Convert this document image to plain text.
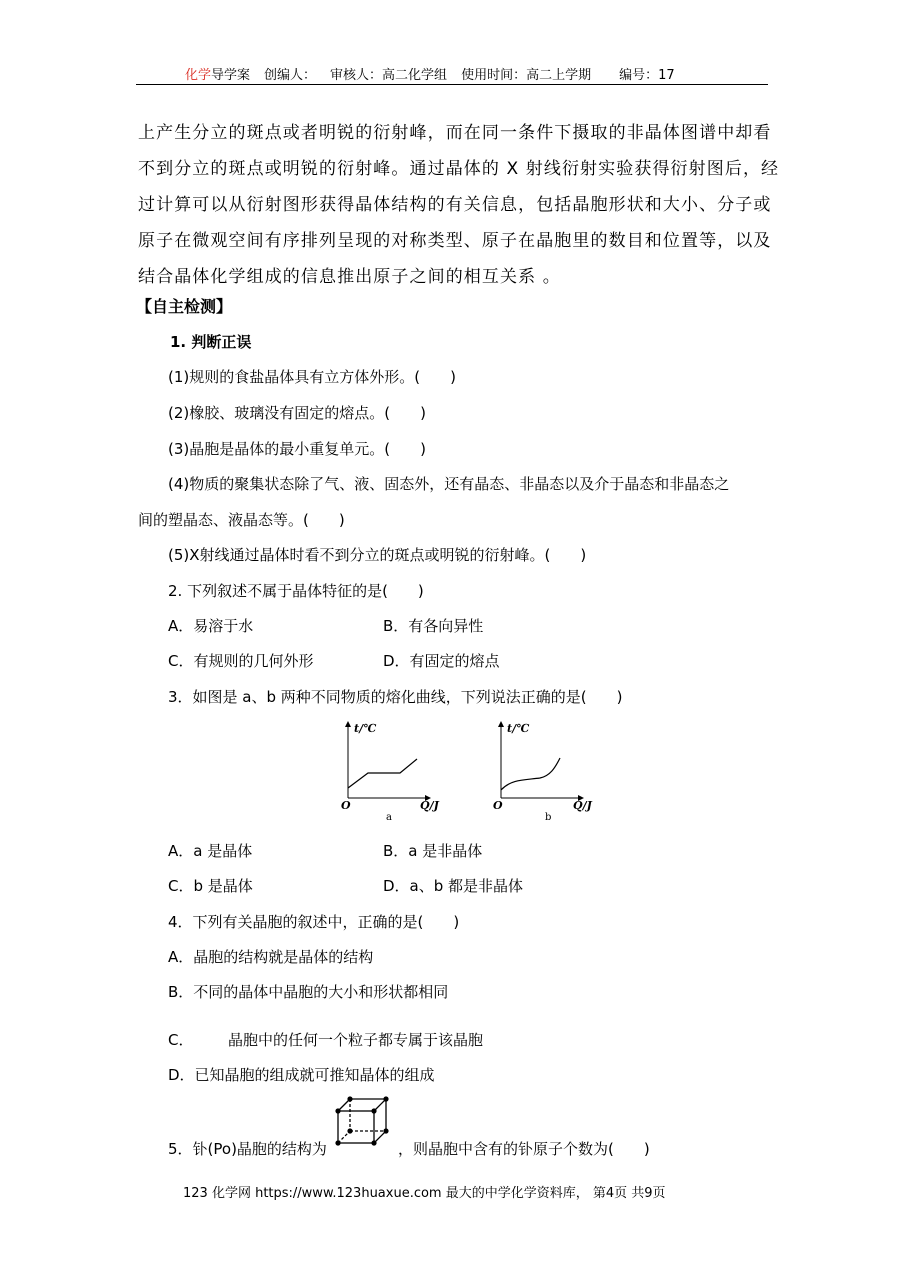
化学导学案 创编人： 审核人：高二化学组 使用时间：高二上学期 编号：17
上产生分立的斑点或者明锐的衍射峰，而在同一条件下摄取的非晶体图谱中却看
不到分立的斑点或明锐的衍射峰。通过晶体的 X 射线衍射实验获得衍射图后，经
过计算可以从衍射图形获得晶体结构的有关信息，包括晶胞形状和大小、分子或
原子在微观空间有序排列呈现的对称类型、原子在晶胞里的数目和位置等，以及
结合晶体化学组成的信息推出原子之间的相互关系 。
【自主检测】
1. 判断正误
(1)规则的食盐晶体具有立方体外形。(　　)
(2)橡胶、玻璃没有固定的熔点。(　　)
(3)晶胞是晶体的最小重复单元。(　　)
(4)物质的聚集状态除了气、液、固态外，还有晶态、非晶态以及介于晶态和非晶态之
间的塑晶态、液晶态等。(　　)
(5)X射线通过晶体时看不到分立的斑点或明锐的衍射峰。(　　)
2. 下列叙述不属于晶体特征的是(　　)
A．易溶于水	B．有各向异性
C．有规则的几何外形	D．有固定的熔点
3．如图是 a、b 两种不同物质的熔化曲线，下列说法正确的是(　　)
t/℃
O	Q/J
a
t/℃
O	Q/J
b
A．a 是晶体	B．a 是非晶体
C．b 是晶体	D．a、b 都是非晶体
4．下列有关晶胞的叙述中，正确的是(　　)
A．晶胞的结构就是晶体的结构
B．不同的晶体中晶胞的大小和形状都相同
C． 晶胞中的任何一个粒子都专属于该晶胞
D．已知晶胞的组成就可推知晶体的组成
5．钋(Po)晶胞的结构为	，则晶胞中含有的钋原子个数为(　　)
123 化学网 https://www.123huaxue.com 最大的中学化学资料库， 第4页 共9页
